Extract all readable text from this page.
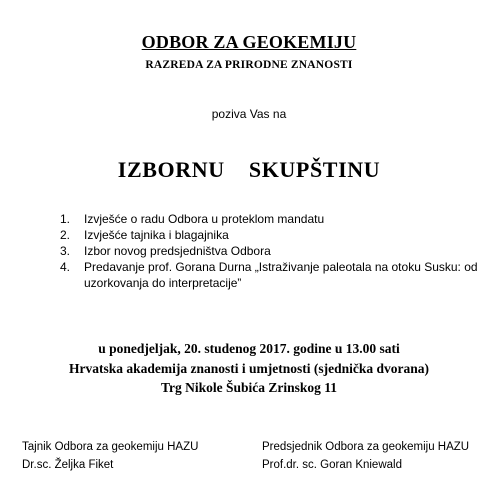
ODBOR ZA GEOKEMIJU
RAZREDA ZA PRIRODNE ZNANOSTI
poziva Vas na
IZBORNU  SKUPŠTINU
1.	Izvješće o radu Odbora u proteklom mandatu
2.	Izvješće tajnika i blagajnika
3.	Izbor novog predsjedništva Odbora
4.	Predavanje prof. Gorana Durna „Istraživanje paleotala na otoku Susku: od uzorkovanja do interpretacije”
u ponedjeljak, 20. studenog 2017. godine u 13.00 sati
Hrvatska akademija znanosti i umjetnosti (sjednička dvorana)
Trg Nikole Šubića Zrinskog 11
Tajnik Odbora za geokemiju HAZU
Dr.sc. Željka Fiket
Predsjednik Odbora za geokemiju HAZU
Prof.dr. sc. Goran Kniewald
